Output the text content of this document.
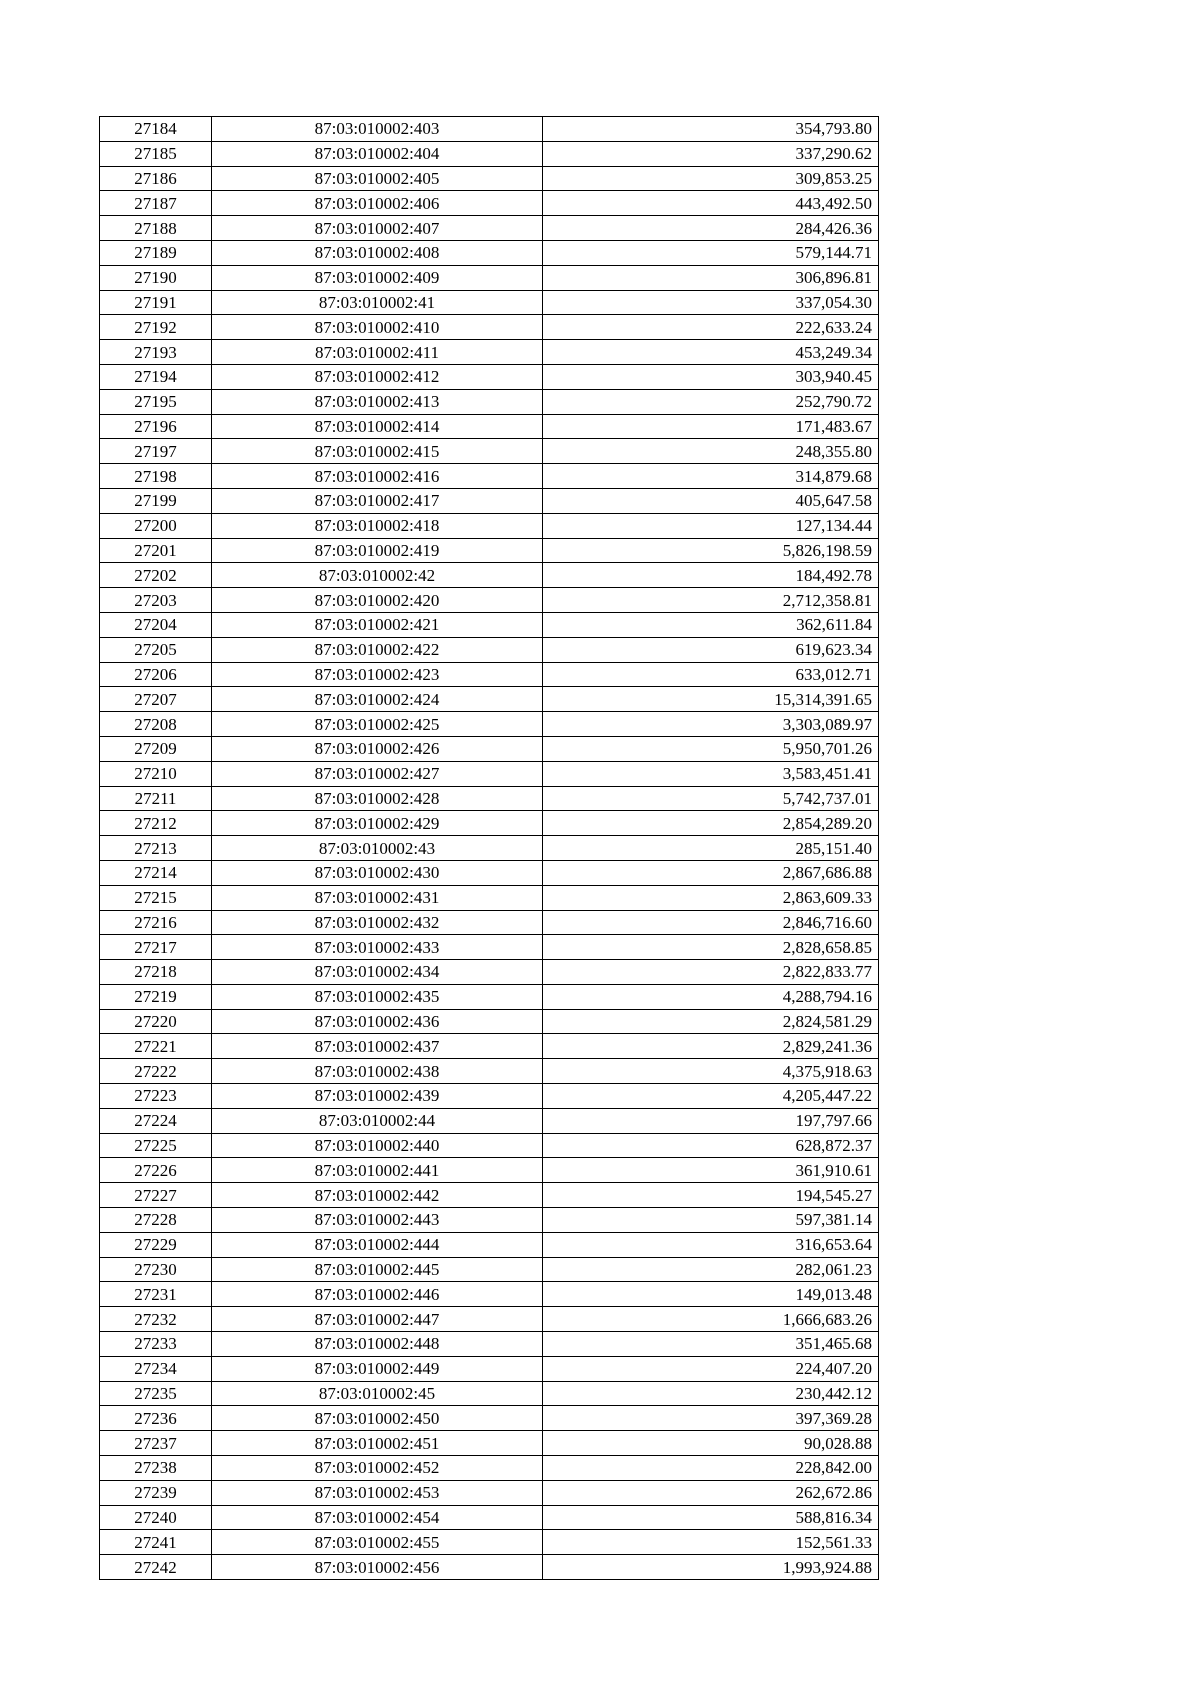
27184	87:03:010002:403	354,793.80
27185	87:03:010002:404	337,290.62
27186	87:03:010002:405	309,853.25
27187	87:03:010002:406	443,492.50
27188	87:03:010002:407	284,426.36
27189	87:03:010002:408	579,144.71
27190	87:03:010002:409	306,896.81
27191	87:03:010002:41	337,054.30
27192	87:03:010002:410	222,633.24
27193	87:03:010002:411	453,249.34
27194	87:03:010002:412	303,940.45
27195	87:03:010002:413	252,790.72
27196	87:03:010002:414	171,483.67
27197	87:03:010002:415	248,355.80
27198	87:03:010002:416	314,879.68
27199	87:03:010002:417	405,647.58
27200	87:03:010002:418	127,134.44
27201	87:03:010002:419	5,826,198.59
27202	87:03:010002:42	184,492.78
27203	87:03:010002:420	2,712,358.81
27204	87:03:010002:421	362,611.84
27205	87:03:010002:422	619,623.34
27206	87:03:010002:423	633,012.71
27207	87:03:010002:424	15,314,391.65
27208	87:03:010002:425	3,303,089.97
27209	87:03:010002:426	5,950,701.26
27210	87:03:010002:427	3,583,451.41
27211	87:03:010002:428	5,742,737.01
27212	87:03:010002:429	2,854,289.20
27213	87:03:010002:43	285,151.40
27214	87:03:010002:430	2,867,686.88
27215	87:03:010002:431	2,863,609.33
27216	87:03:010002:432	2,846,716.60
27217	87:03:010002:433	2,828,658.85
27218	87:03:010002:434	2,822,833.77
27219	87:03:010002:435	4,288,794.16
27220	87:03:010002:436	2,824,581.29
27221	87:03:010002:437	2,829,241.36
27222	87:03:010002:438	4,375,918.63
27223	87:03:010002:439	4,205,447.22
27224	87:03:010002:44	197,797.66
27225	87:03:010002:440	628,872.37
27226	87:03:010002:441	361,910.61
27227	87:03:010002:442	194,545.27
27228	87:03:010002:443	597,381.14
27229	87:03:010002:444	316,653.64
27230	87:03:010002:445	282,061.23
27231	87:03:010002:446	149,013.48
27232	87:03:010002:447	1,666,683.26
27233	87:03:010002:448	351,465.68
27234	87:03:010002:449	224,407.20
27235	87:03:010002:45	230,442.12
27236	87:03:010002:450	397,369.28
27237	87:03:010002:451	90,028.88
27238	87:03:010002:452	228,842.00
27239	87:03:010002:453	262,672.86
27240	87:03:010002:454	588,816.34
27241	87:03:010002:455	152,561.33
27242	87:03:010002:456	1,993,924.88
